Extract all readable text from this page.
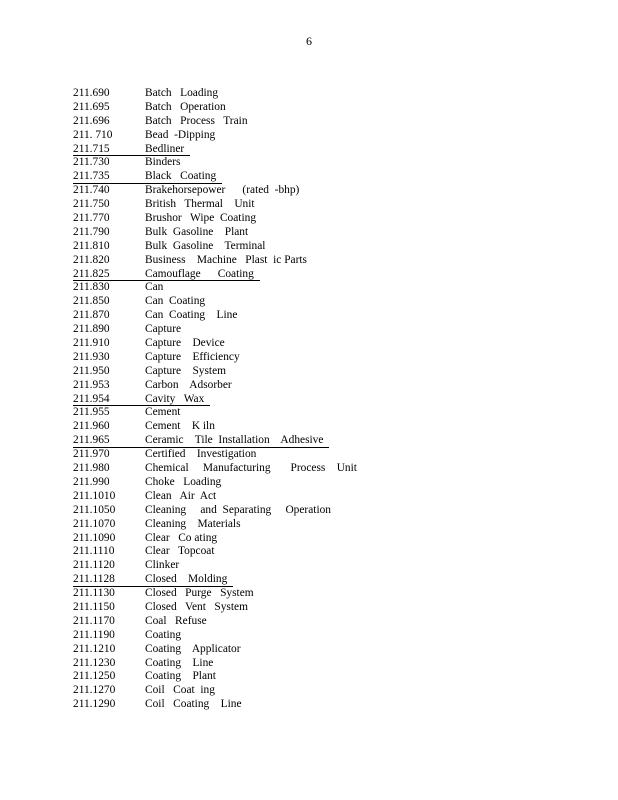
6
211.690	Batch   Loading
211.695	Batch   Operation
211.696	Batch   Process   Train
211. 710	Bead  -Dipping
211.715	Bedliner
211.730	Binders
211.735	Black   Coating
211.740	Brakehorsepower      (rated  -bhp)
211.750	British   Thermal    Unit
211.770	Brushor   Wipe  Coating
211.790	Bulk  Gasoline    Plant
211.810	Bulk  Gasoline    Terminal
211.820	Business    Machine   Plast  ic Parts
211.825	Camouflage      Coating
211.830	Can
211.850	Can  Coating
211.870	Can  Coating    Line
211.890	Capture
211.910	Capture    Device
211.930	Capture    Efficiency
211.950	Capture    System
211.953	Carbon    Adsorber
211.954	Cavity   Wax
211.955	Cement
211.960	Cement    K iln
211.965	Ceramic    Tile  Installation    Adhesive
211.970	Certified    Investigation
211.980	Chemical     Manufacturing       Process    Unit
211.990	Choke   Loading
211.1010	Clean   Air  Act
211.1050	Cleaning     and  Separating     Operation
211.1070	Cleaning    Materials
211.1090	Clear   Co ating
211.1110	Clear   Topcoat
211.1120	Clinker
211.1128	Closed    Molding
211.1130	Closed   Purge   System
211.1150	Closed   Vent   System
211.1170	Coal   Refuse
211.1190	Coating
211.1210	Coating    Applicator
211.1230	Coating    Line
211.1250	Coating    Plant
211.1270	Coil   Coat  ing
211.1290	Coil   Coating    Line
